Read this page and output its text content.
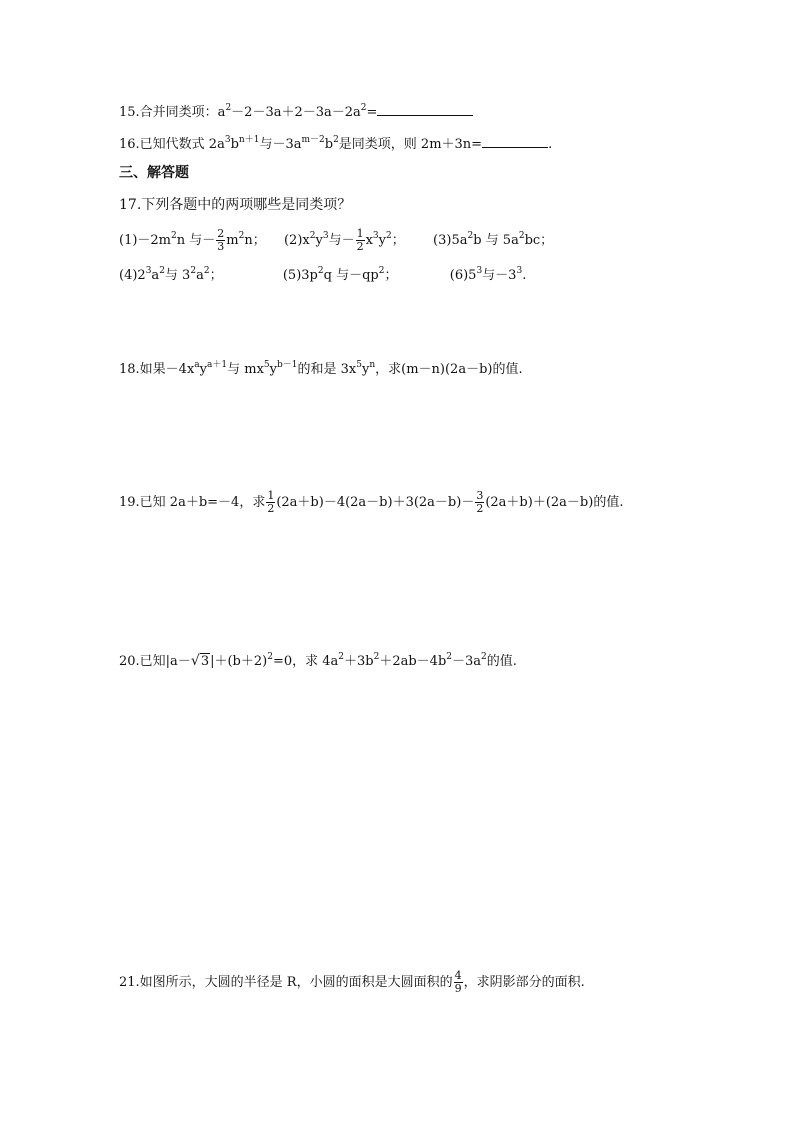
15.合并同类项：$a^2-2-3a+2-3a-2a^2=$
16.已知代数式 $2a^3b^{n+1}$与$-3a^{m-2}b^2$是同类项，则 2m＋3n=	.
三、解答题
17.下列各题中的两项哪些是同类项？
$(1)-2m^2n$ 与－ $\frac{2}{3} m^2n$； $(2)x^2y^3$与－ $\frac{1}{2} x^3y^2$； $(3)5a^2b$ 与 $5a^2bc$；
$(4)2^3a^2$与 $3^2a^2$；	$(5)3p^2q$ 与$-qp^2$；	$(6)5^3$与$-3^3$.
18.如果$-4x^ay^{a+1}$与 $mx^5y^{b-1}$的和是 $3x^5y^n$，求(m－n)(2a－b)的值.
19.已知 2a＋b=－4，求 $\frac{1}{2} (2a+b)-4(2a-b)+3(2a-b)- \frac{3}{2} (2a+b)+(2a-b)$的值.
20.已知|a－√ $3|+(b+2)^2=0$，求 $4a^2+3b^2+2ab-4b^2-3a^2$的值.
21.如图所示，大圆的半径是 R，小圆的面积是大圆面积的 $\frac{4}{9}$ ，求阴影部分的面积.
